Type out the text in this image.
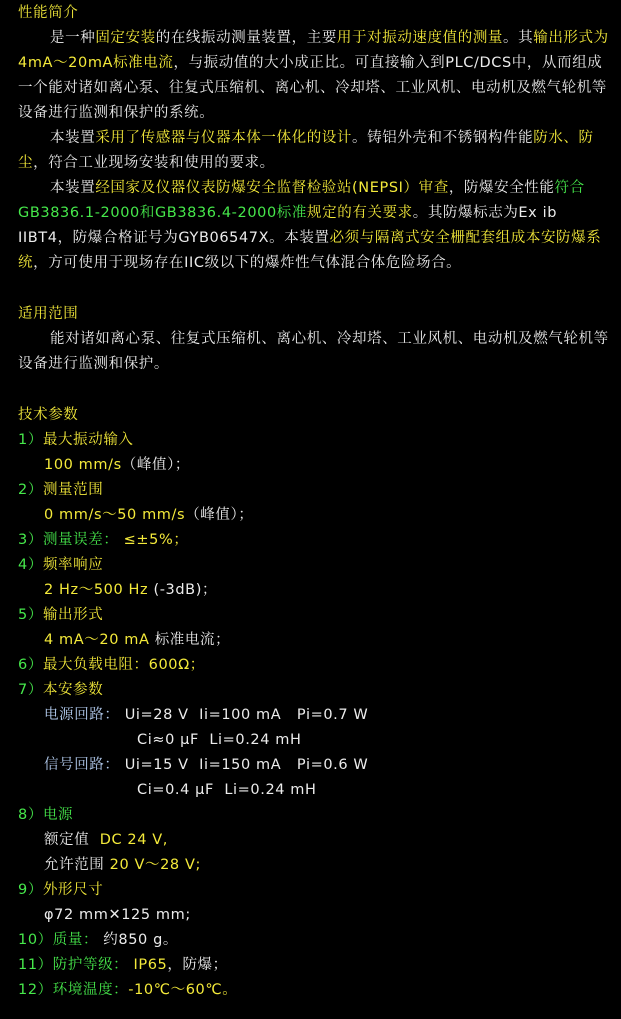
性能简介

是一种固定安装的在线振动测量装置，主要用于对振动速度值的测量。其输出形式为4mA～20mA标准电流，与振动值的大小成正比。可直接输入到PLC/DCS中，从而组成一个能对诸如离心泵、往复式压缩机、离心机、冷却塔、工业风机、电动机及燃气轮机等设备进行监测和保护的系统。

本装置采用了传感器与仪器本体一体化的设计。铸铝外壳和不锈钢构件能防水、防尘，符合工业现场安装和使用的要求。

本装置经国家及仪器仪表防爆安全监督检验站(NEPSI）审查，防爆安全性能符合GB3836.1-2000和GB3836.4-2000标准规定的有关要求。其防爆标志为Ex ib IIBT4，防爆合格证号为GYB06547X。本装置必须与隔离式安全栅配套组成本安防爆系统，方可使用于现场存在IIC级以下的爆炸性气体混合体危险场合。

适用范围

能对诸如离心泵、往复式压缩机、离心机、冷却塔、工业风机、电动机及燃气轮机等设备进行监测和保护。

技术参数
1）最大振动输入
100 mm/s（峰值）；
2）测量范围
0 mm/s～50 mm/s（峰值）；
3）测量误差： ≤±5%；
4）频率响应
2 Hz～500 Hz (-3dB)；
5）输出形式
4 mA～20 mA 标准电流；
6）最大负载电阻：600Ω；
7）本安参数
电源回路： Ui=28 V  Ii=100 mA   Pi=0.7 W
Ci≈0 µF  Li=0.24 mH
信号回路： Ui=15 V  Ii=150 mA   Pi=0.6 W
Ci=0.4 µF  Li=0.24 mH
8）电源
额定值  DC 24 V,
允许范围 20 V～28 V;
9）外形尺寸
φ72 mm✕125 mm;
10）质量： 约850 g。
11）防护等级： IP65，防爆；
12）环境温度：-10℃～60℃。
